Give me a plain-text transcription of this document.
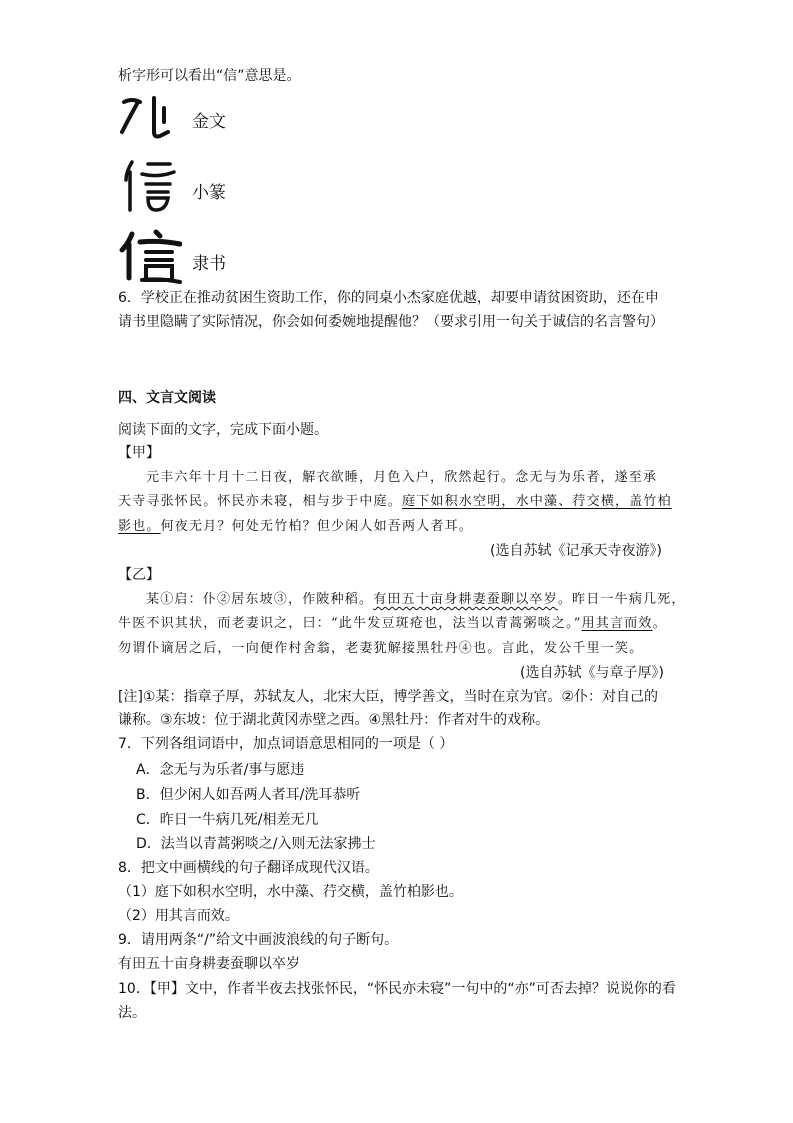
析字形可以看出“信”意思是。
金文
小篆
隶书
6．学校正在推动贫困生资助工作，你的同桌小杰家庭优越，却要申请贫困资助，还在申
请书里隐瞒了实际情况，你会如何委婉地提醒他？（要求引用一句关于诚信的名言警句）
四、文言文阅读
阅读下面的文字，完成下面小题。
【甲】
元丰六年十月十二日夜，解衣欲睡，月色入户，欣然起行。念无与为乐者，遂至承
天寺寻张怀民。怀民亦未寝，相与步于中庭。庭下如积水空明，水中藻、荇交横，盖竹柏
影也。何夜无月？何处无竹柏？但少闲人如吾两人者耳。
(选自苏轼《记承天寺夜游》)
【乙】
某①启：仆②居东坡③，作陂种稻。有田五十亩身耕妻蚕聊以卒岁。昨日一牛病几死，
牛医不识其状，而老妻识之，曰：“此牛发豆斑疮也，法当以青蒿粥啖之。”用其言而效。
勿谓仆谪居之后，一向便作村舍翁，老妻犹解接黑牡丹④也。言此，发公千里一笑。
(选自苏轼《与章子厚》)
[注]①某：指章子厚，苏轼友人，北宋大臣，博学善文，当时在京为官。②仆：对自己的
谦称。③东坡：位于湖北黄冈赤壁之西。④黑牡丹：作者对牛的戏称。
7．下列各组词语中，加点词语意思相同的一项是（ ）
A．念无与为乐者/事与愿违
B．但少闲人如吾两人者耳/洗耳恭听
C．昨日一牛病几死/相差无几
D．法当以青蒿粥啖之/入则无法家拂士
8．把文中画横线的句子翻译成现代汉语。
（1）庭下如积水空明，水中藻、荇交横，盖竹柏影也。
（2）用其言而效。
9．请用两条“/”给文中画波浪线的句子断句。
有田五十亩身耕妻蚕聊以卒岁
10．【甲】文中，作者半夜去找张怀民，“怀民亦未寝”一句中的“亦”可否去掉？说说你的看
法。
